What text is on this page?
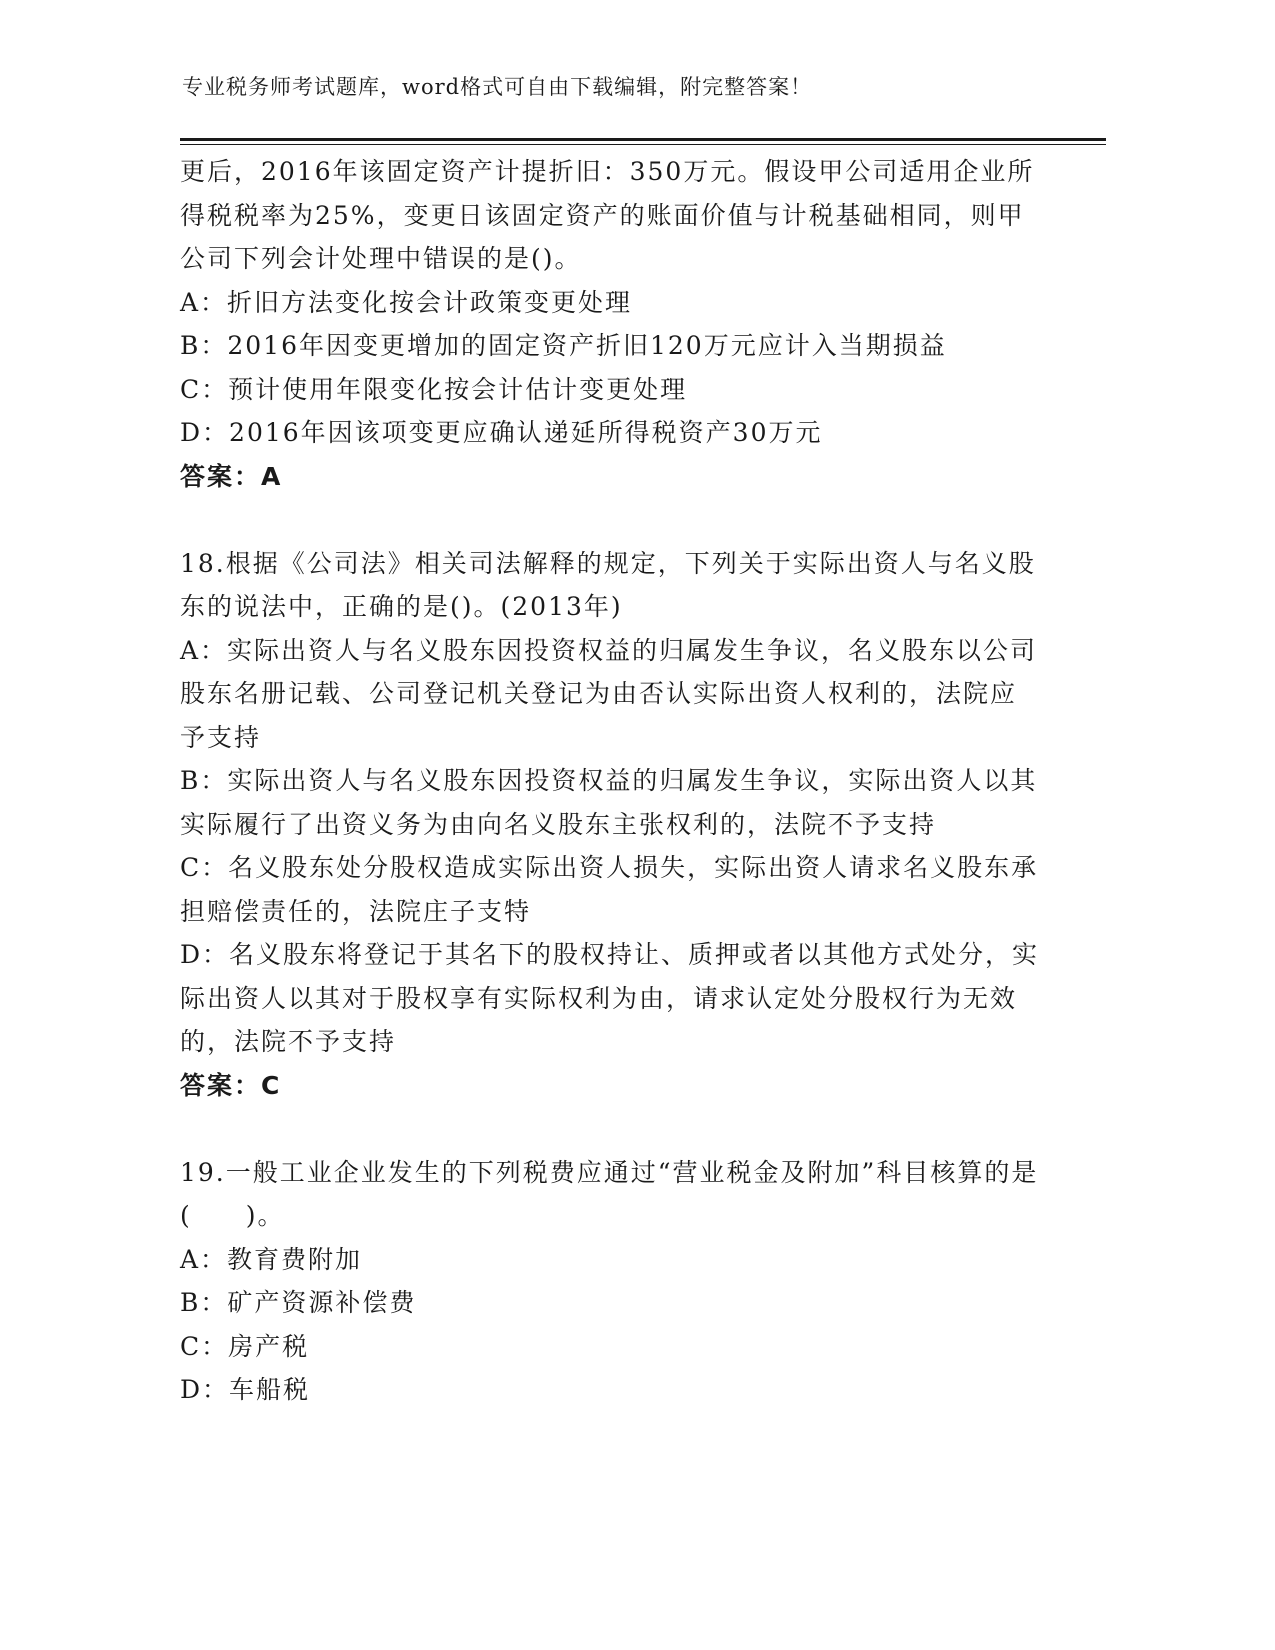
专业税务师考试题库，word格式可自由下载编辑，附完整答案！

更后，2016年该固定资产计提折旧：350万元。假设甲公司适用企业所得税税率为25%，变更日该固定资产的账面价值与计税基础相同，则甲公司下列会计处理中错误的是()。

A：折旧方法变化按会计政策变更处理

B：2016年因变更增加的固定资产折旧120万元应计入当期损益

C：预计使用年限变化按会计估计变更处理

D：2016年因该项变更应确认递延所得税资产30万元

答案：A

18.根据《公司法》相关司法解释的规定，下列关于实际出资人与名义股东的说法中，正确的是()。(2013年)

A：实际出资人与名义股东因投资权益的归属发生争议，名义股东以公司股东名册记载、公司登记机关登记为由否认实际出资人权利的，法院应予支持

B：实际出资人与名义股东因投资权益的归属发生争议，实际出资人以其实际履行了出资义务为由向名义股东主张权利的，法院不予支持

C：名义股东处分股权造成实际出资人损失，实际出资人请求名义股东承担赔偿责任的，法院庄子支特

D：名义股东将登记于其名下的股权持让、质押或者以其他方式处分，实际出资人以其对于股权享有实际权利为由，请求认定处分股权行为无效的，法院不予支持

答案：C

19.一般工业企业发生的下列税费应通过“营业税金及附加”科目核算的是(　　)。

A：教育费附加

B：矿产资源补偿费

C：房产税

D：车船税
